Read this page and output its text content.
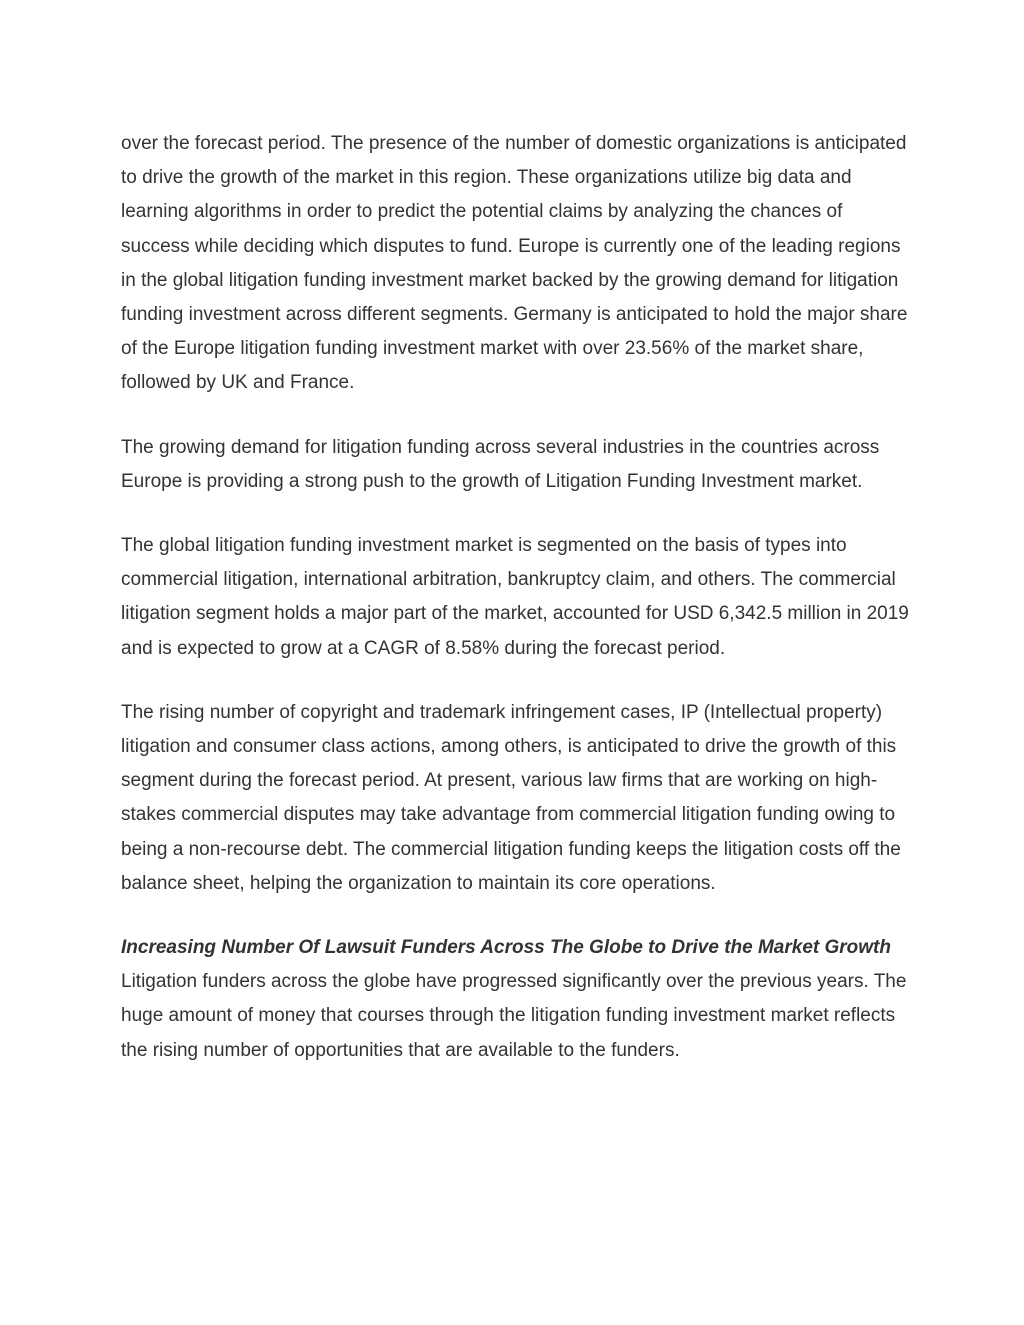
over the forecast period. The presence of the number of domestic organizations is anticipated to drive the growth of the market in this region. These organizations utilize big data and learning algorithms in order to predict the potential claims by analyzing the chances of success while deciding which disputes to fund. Europe is currently one of the leading regions in the global litigation funding investment market backed by the growing demand for litigation funding investment across different segments. Germany is anticipated to hold the major share of the Europe litigation funding investment market with over 23.56% of the market share, followed by UK and France.

The growing demand for litigation funding across several industries in the countries across Europe is providing a strong push to the growth of Litigation Funding Investment market.

The global litigation funding investment market is segmented on the basis of types into commercial litigation, international arbitration, bankruptcy claim, and others. The commercial litigation segment holds a major part of the market, accounted for USD 6,342.5 million in 2019 and is expected to grow at a CAGR of 8.58% during the forecast period.

The rising number of copyright and trademark infringement cases, IP (Intellectual property) litigation and consumer class actions, among others, is anticipated to drive the growth of this segment during the forecast period. At present, various law firms that are working on high-stakes commercial disputes may take advantage from commercial litigation funding owing to being a non-recourse debt. The commercial litigation funding keeps the litigation costs off the balance sheet, helping the organization to maintain its core operations.

Increasing Number Of Lawsuit Funders Across The Globe to Drive the Market Growth

Litigation funders across the globe have progressed significantly over the previous years. The huge amount of money that courses through the litigation funding investment market reflects the rising number of opportunities that are available to the funders.
